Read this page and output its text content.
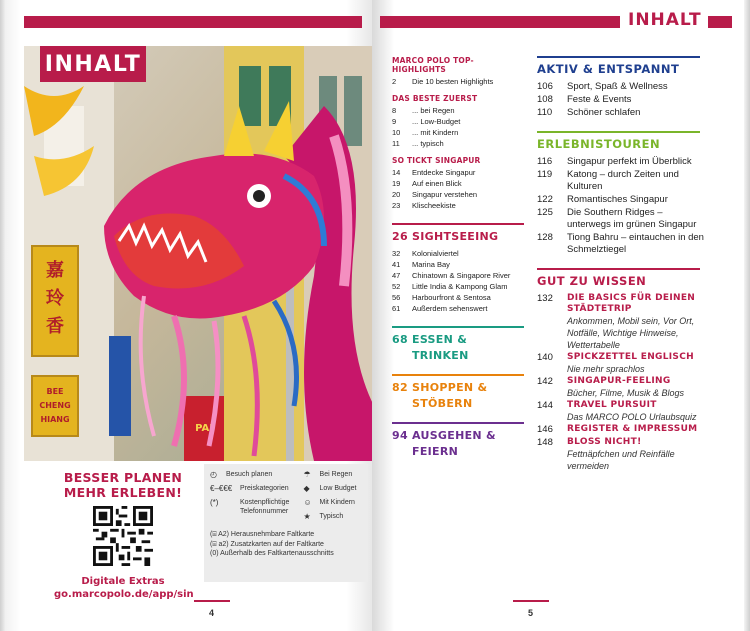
嘉
玲
香
BEE
CHENG
HIANG
PAI
INHALT
BESSER PLANEN
MEHR ERLEBEN!
Digitale Extras
go.marcopolo.de/app/sin
◴	Besuch planen
€–€€€	Preiskategorien
(*)	Kostenpflichtige Telefonnummer
☂	Bei Regen
◆	Low Budget
☺	Mit Kindern
★	Typisch
(⌸ A2) Herausnehmbare Faltkarte
(⌸ a2) Zusatzkarten auf der Faltkarte
(0) Außerhalb des Faltkartenausschnitts
4
INHALT
MARCO POLO TOP-HIGHLIGHTS
2	Die 10 besten Highlights
DAS BESTE ZUERST
8	... bei Regen
9	... Low-Budget
10	... mit Kindern
11	... typisch
SO TICKT SINGAPUR
14	Entdecke Singapur
19	Auf einen Blick
20	Singapur verstehen
23	Klischeekiste
26 SIGHTSEEING
32	Kolonialviertel
41	Marina Bay
47	Chinatown & Singapore River
52	Little India & Kampong Glam
56	Harbourfront & Sentosa
61	Außerdem sehenswert
68 ESSEN & TRINKEN
82 SHOPPEN & STÖBERN
94 AUSGEHEN & FEIERN
AKTIV & ENTSPANNT
106	Sport, Spaß & Wellness
108	Feste & Events
110	Schöner schlafen
ERLEBNISTOUREN
116	Singapur perfekt im Überblick
119	Katong – durch Zeiten und Kulturen
122	Romantisches Singapur
125	Die Southern Ridges – unterwegs im grünen Singapur
128	Tiong Bahru – eintauchen in den Schmelztiegel
GUT ZU WISSEN
132	DIE BASICS FÜR DEINEN STÄDTETRIP
Ankommen, Mobil sein, Vor Ort, Notfälle, Wichtige Hinweise, Wettertabelle
140	SPICKZETTEL ENGLISCH
Nie mehr sprachlos
142	SINGAPUR-FEELING
Bücher, Filme, Musik & Blogs
144	TRAVEL PURSUIT
Das MARCO POLO Urlaubsquiz
146	REGISTER & IMPRESSUM
148	BLOSS NICHT!
Fettnäpfchen und Reinfälle vermeiden
5
